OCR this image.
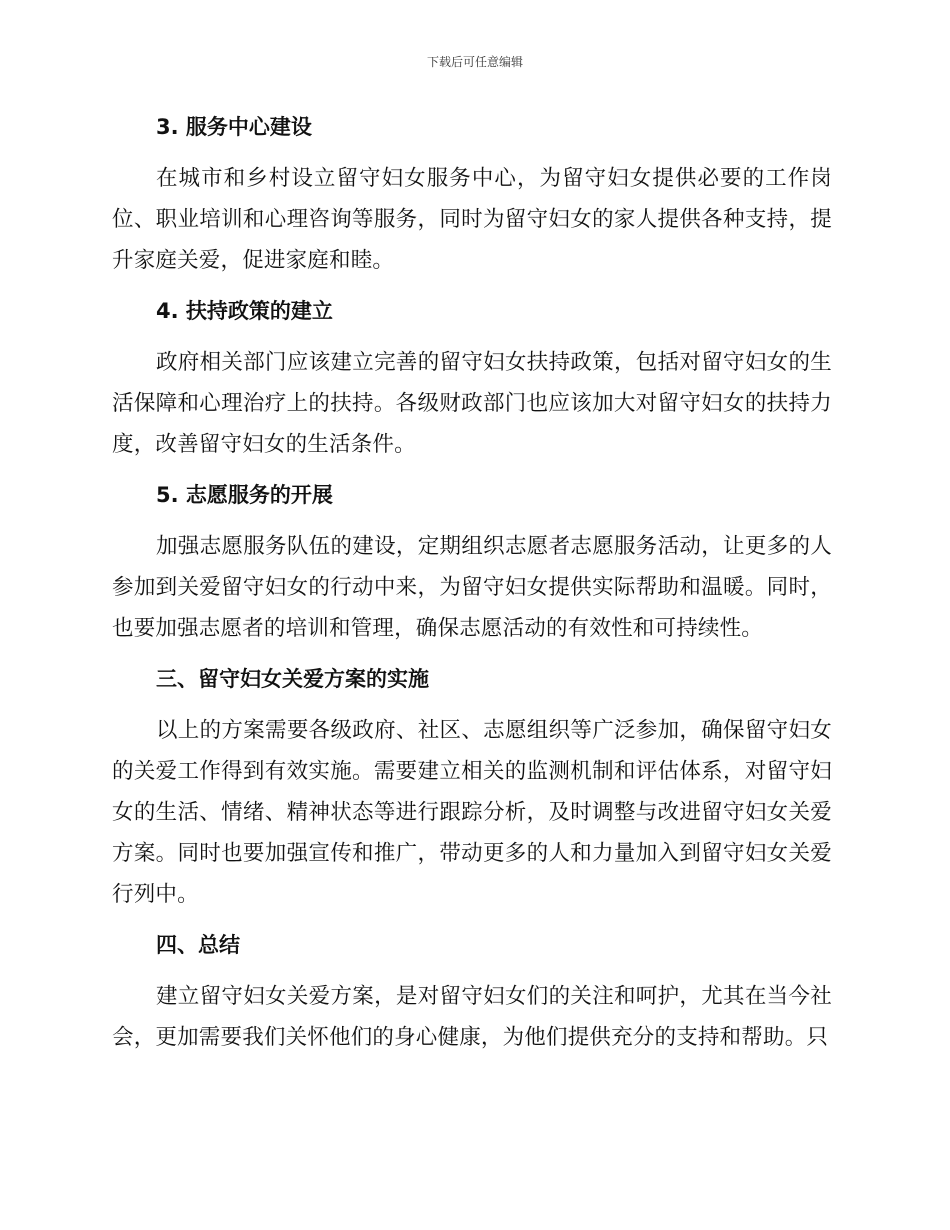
下载后可任意编辑
3. 服务中心建设
在城市和乡村设立留守妇女服务中心，为留守妇女提供必要的工作岗位、职业培训和心理咨询等服务，同时为留守妇女的家人提供各种支持，提升家庭关爱，促进家庭和睦。
4. 扶持政策的建立
政府相关部门应该建立完善的留守妇女扶持政策，包括对留守妇女的生活保障和心理治疗上的扶持。各级财政部门也应该加大对留守妇女的扶持力度，改善留守妇女的生活条件。
5. 志愿服务的开展
加强志愿服务队伍的建设，定期组织志愿者志愿服务活动，让更多的人参加到关爱留守妇女的行动中来，为留守妇女提供实际帮助和温暖。同时，也要加强志愿者的培训和管理，确保志愿活动的有效性和可持续性。
三、留守妇女关爱方案的实施
以上的方案需要各级政府、社区、志愿组织等广泛参加，确保留守妇女的关爱工作得到有效实施。需要建立相关的监测机制和评估体系，对留守妇女的生活、情绪、精神状态等进行跟踪分析，及时调整与改进留守妇女关爱方案。同时也要加强宣传和推广，带动更多的人和力量加入到留守妇女关爱行列中。
四、总结
建立留守妇女关爱方案，是对留守妇女们的关注和呵护，尤其在当今社会，更加需要我们关怀他们的身心健康，为他们提供充分的支持和帮助。只
